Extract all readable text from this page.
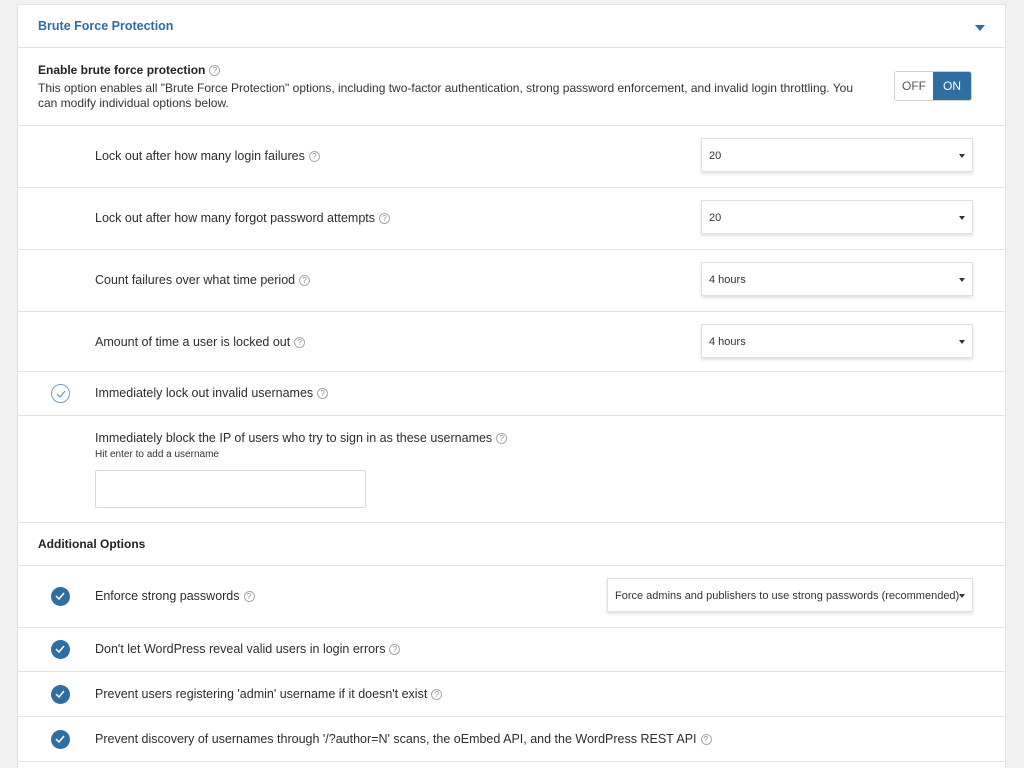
Brute Force Protection
Enable brute force protection ?
This option enables all "Brute Force Protection" options, including two-factor authentication, strong password enforcement, and invalid login throttling. You can modify individual options below.
OFF	ON
Lock out after how many login failures ?	20
Lock out after how many forgot password attempts ?	20
Count failures over what time period ?	4 hours
Amount of time a user is locked out ?	4 hours
Immediately lock out invalid usernames ?
Immediately block the IP of users who try to sign in as these usernames ?
Hit enter to add a username
Additional Options
Enforce strong passwords ?	Force admins and publishers to use strong passwords (recommended)
Don't let WordPress reveal valid users in login errors ?
Prevent users registering 'admin' username if it doesn't exist ?
Prevent discovery of usernames through '/?author=N' scans, the oEmbed API, and the WordPress REST API ?
